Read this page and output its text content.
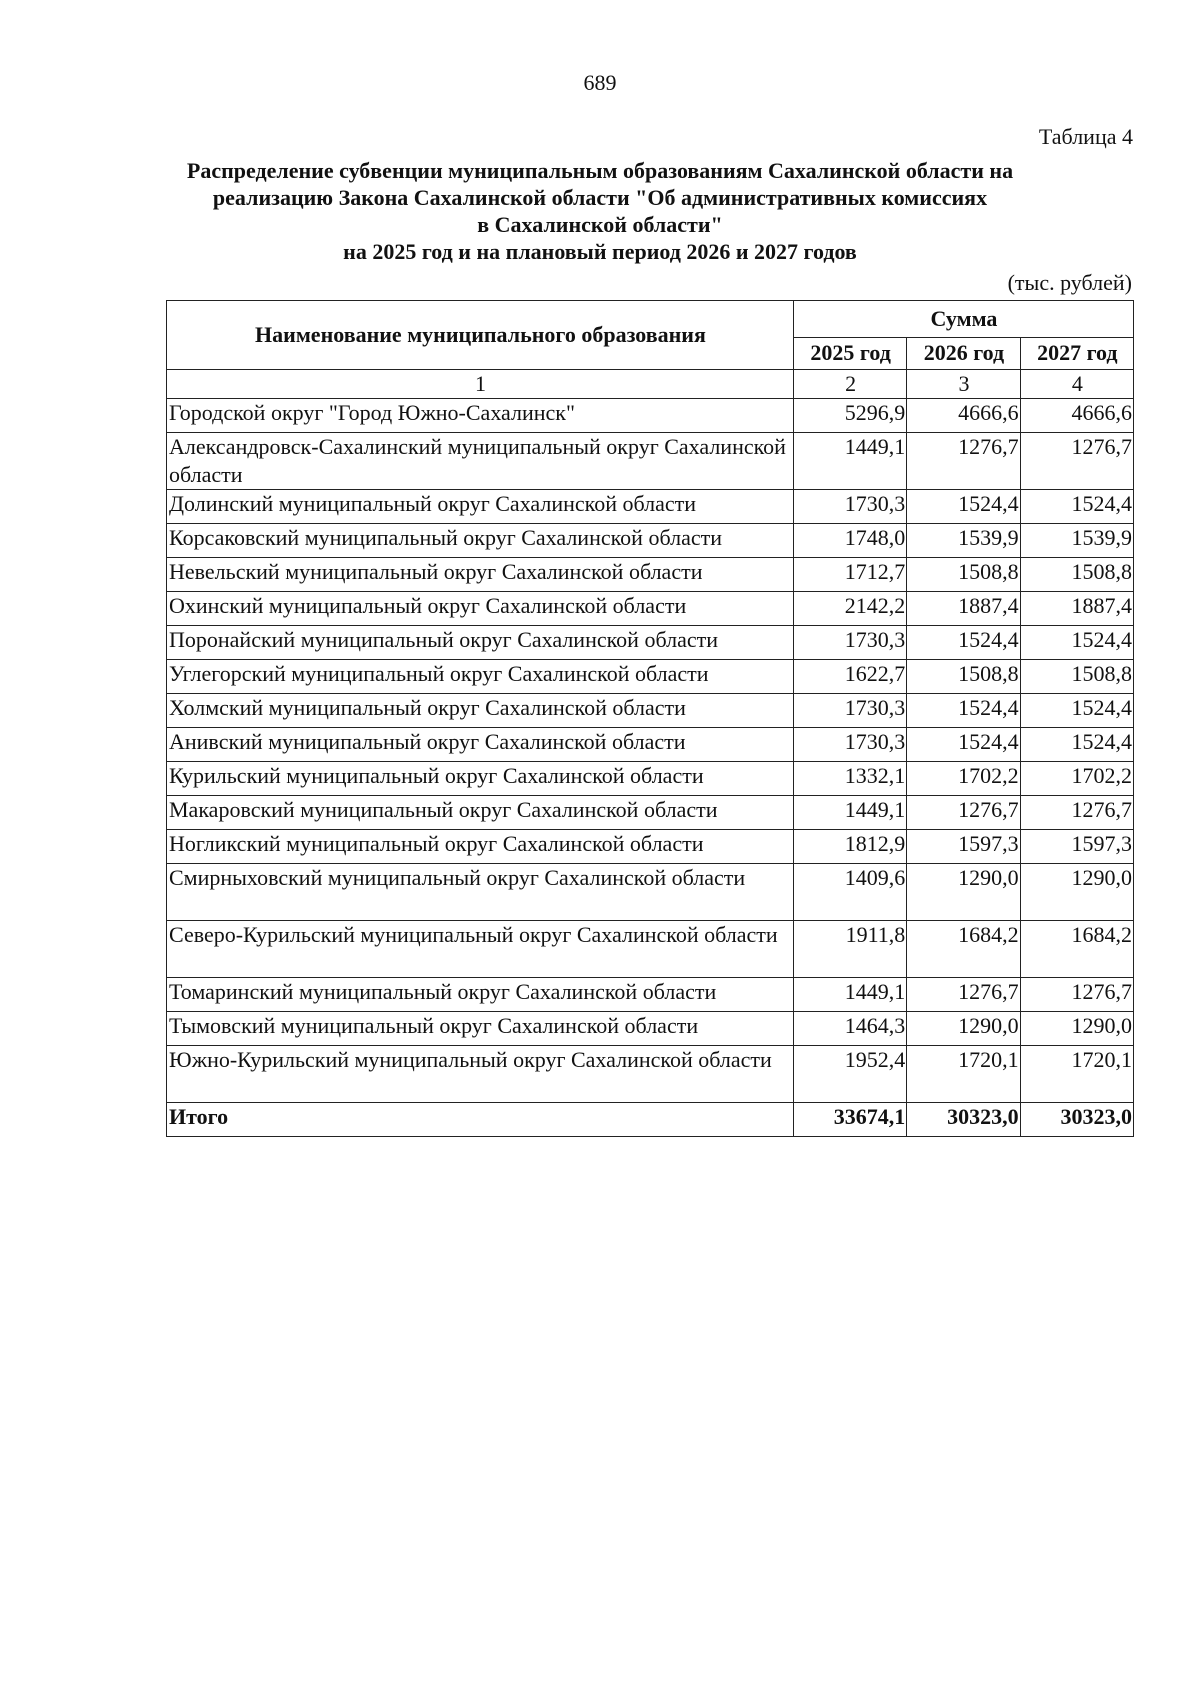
689
Таблица 4
Распределение субвенции муниципальным образованиям Сахалинской области на
реализацию Закона Сахалинской области "Об административных комиссиях
в Сахалинской области"
на 2025 год и на плановый период 2026 и 2027 годов
(тыс. рублей)
Наименование муниципального образования	Сумма		
	2025 год	2026 год	2027 год
1	2	3	4
Городской округ "Город Южно-Сахалинск"	5296,9	4666,6	4666,6
Александровск-Сахалинский муниципальный округ Сахалинской области	1449,1	1276,7	1276,7
Долинский муниципальный округ Сахалинской области	1730,3	1524,4	1524,4
Корсаковский муниципальный округ Сахалинской области	1748,0	1539,9	1539,9
Невельский муниципальный округ Сахалинской области	1712,7	1508,8	1508,8
Охинский муниципальный округ Сахалинской области	2142,2	1887,4	1887,4
Поронайский муниципальный округ Сахалинской области	1730,3	1524,4	1524,4
Углегорский муниципальный округ Сахалинской области	1622,7	1508,8	1508,8
Холмский муниципальный округ Сахалинской области	1730,3	1524,4	1524,4
Анивский муниципальный округ Сахалинской области	1730,3	1524,4	1524,4
Курильский муниципальный округ Сахалинской области	1332,1	1702,2	1702,2
Макаровский муниципальный округ Сахалинской области	1449,1	1276,7	1276,7
Ногликский муниципальный округ Сахалинской области	1812,9	1597,3	1597,3
Смирныховский муниципальный округ Сахалинской области	1409,6	1290,0	1290,0
Северо-Курильский муниципальный округ Сахалинской области	1911,8	1684,2	1684,2
Томаринский муниципальный округ Сахалинской области	1449,1	1276,7	1276,7
Тымовский муниципальный округ Сахалинской области	1464,3	1290,0	1290,0
Южно-Курильский муниципальный округ Сахалинской области	1952,4	1720,1	1720,1
Итого	33674,1	30323,0	30323,0
